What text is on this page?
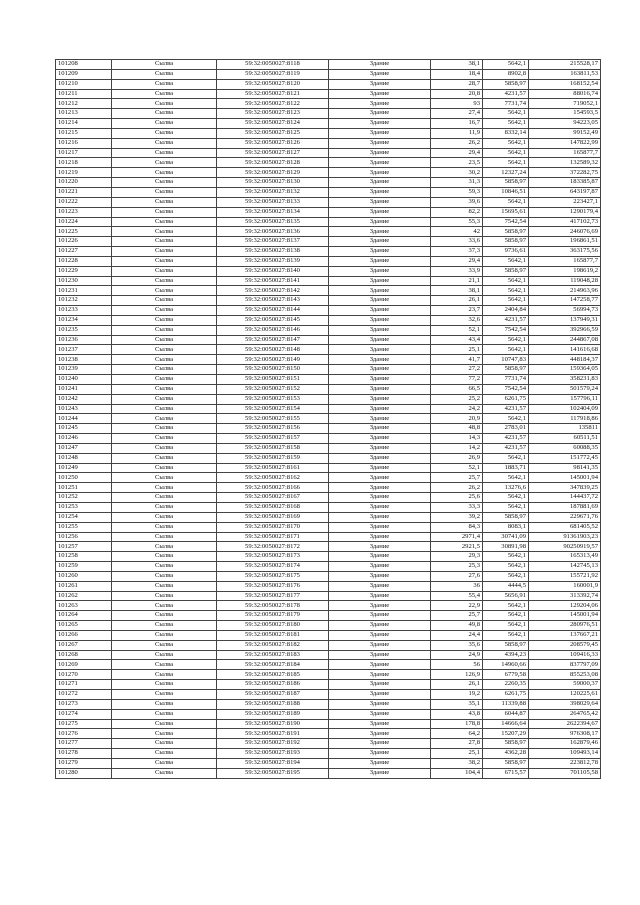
101208	Сылва	59:32:0050027:8118	Здание	38,1	5642,1	215528,17
101209	Сылва	59:32:0050027:8119	Здание	18,4	8902,8	163811,53
101210	Сылва	59:32:0050027:8120	Здание	28,7	5858,97	168152,54
101211	Сылва	59:32:0050027:8121	Здание	20,8	4231,57	88016,74
101212	Сылва	59:32:0050027:8122	Здание	93	7731,74	719052,1
101213	Сылва	59:32:0050027:8123	Здание	27,4	5642,1	154593,5
101214	Сылва	59:32:0050027:8124	Здание	16,7	5642,1	94223,05
101215	Сылва	59:32:0050027:8125	Здание	11,9	8332,14	99152,49
101216	Сылва	59:32:0050027:8126	Здание	26,2	5642,1	147822,99
101217	Сылва	59:32:0050027:8127	Здание	29,4	5642,1	165877,7
101218	Сылва	59:32:0050027:8128	Здание	23,5	5642,1	132589,32
101219	Сылва	59:32:0050027:8129	Здание	30,2	12327,24	372282,75
101220	Сылва	59:32:0050027:8130	Здание	31,3	5858,97	183385,87
101221	Сылва	59:32:0050027:8132	Здание	59,3	10846,51	643197,87
101222	Сылва	59:32:0050027:8133	Здание	39,6	5642,1	223427,1
101223	Сылва	59:32:0050027:8134	Здание	82,2	15695,61	1290179,4
101224	Сылва	59:32:0050027:8135	Здание	55,3	7542,54	417102,73
101225	Сылва	59:32:0050027:8136	Здание	42	5858,97	246076,69
101226	Сылва	59:32:0050027:8137	Здание	33,6	5858,97	196861,51
101227	Сылва	59:32:0050027:8138	Здание	37,3	9736,61	363175,56
101228	Сылва	59:32:0050027:8139	Здание	29,4	5642,1	165877,7
101229	Сылва	59:32:0050027:8140	Здание	33,9	5858,97	198619,2
101230	Сылва	59:32:0050027:8141	Здание	21,1	5642,1	119048,28
101231	Сылва	59:32:0050027:8142	Здание	38,1	5642,1	214963,96
101232	Сылва	59:32:0050027:8143	Здание	26,1	5642,1	147258,77
101233	Сылва	59:32:0050027:8144	Здание	23,7	2404,84	56994,73
101234	Сылва	59:32:0050027:8145	Здание	32,6	4231,57	137949,31
101235	Сылва	59:32:0050027:8146	Здание	52,1	7542,54	392966,59
101236	Сылва	59:32:0050027:8147	Здание	43,4	5642,1	244867,08
101237	Сылва	59:32:0050027:8148	Здание	25,1	5642,1	141616,68
101238	Сылва	59:32:0050027:8149	Здание	41,7	10747,83	448184,37
101239	Сылва	59:32:0050027:8150	Здание	27,2	5858,97	159364,05
101240	Сылва	59:32:0050027:8151	Здание	77,2	7731,74	358231,83
101241	Сылва	59:32:0050027:8152	Здание	66,5	7542,54	501579,24
101242	Сылва	59:32:0050027:8153	Здание	25,2	6261,75	157796,11
101243	Сылва	59:32:0050027:8154	Здание	24,2	4231,57	102404,09
101244	Сылва	59:32:0050027:8155	Здание	20,9	5642,1	117918,86
101245	Сылва	59:32:0050027:8156	Здание	48,8	2783,01	135811
101246	Сылва	59:32:0050027:8157	Здание	14,3	4231,57	60511,51
101247	Сылва	59:32:0050027:8158	Здание	14,2	4231,57	60088,35
101248	Сылва	59:32:0050027:8159	Здание	26,9	5642,1	151772,45
101249	Сылва	59:32:0050027:8161	Здание	52,1	1883,71	98141,35
101250	Сылва	59:32:0050027:8162	Здание	25,7	5642,1	145001,94
101251	Сылва	59:32:0050027:8166	Здание	26,2	13276,6	347839,25
101252	Сылва	59:32:0050027:8167	Здание	25,6	5642,1	144437,72
101253	Сылва	59:32:0050027:8168	Здание	33,3	5642,1	187881,69
101254	Сылва	59:32:0050027:8169	Здание	39,2	5858,97	229671,76
101255	Сылва	59:32:0050027:8170	Здание	84,3	8083,1	681405,52
101256	Сылва	59:32:0050027:8171	Здание	2971,4	30741,09	91361903,23
101257	Сылва	59:32:0050027:8172	Здание	2921,5	30891,98	90250919,57
101258	Сылва	59:32:0050027:8173	Здание	29,3	5642,1	165313,49
101259	Сылва	59:32:0050027:8174	Здание	25,3	5642,1	142745,13
101260	Сылва	59:32:0050027:8175	Здание	27,6	5642,1	155721,92
101261	Сылва	59:32:0050027:8176	Здание	36	4444,5	160001,9
101262	Сылва	59:32:0050027:8177	Здание	55,4	5656,91	313392,74
101263	Сылва	59:32:0050027:8178	Здание	22,9	5642,1	129204,06
101264	Сылва	59:32:0050027:8179	Здание	25,7	5642,1	145001,94
101265	Сылва	59:32:0050027:8180	Здание	49,8	5642,1	280976,51
101266	Сылва	59:32:0050027:8181	Здание	24,4	5642,1	137667,21
101267	Сылва	59:32:0050027:8182	Здание	35,6	5858,97	208579,45
101268	Сылва	59:32:0050027:8183	Здание	24,9	4394,23	109416,33
101269	Сылва	59:32:0050027:8184	Здание	56	14960,66	837797,09
101270	Сылва	59:32:0050027:8185	Здание	126,9	6779,58	855253,08
101271	Сылва	59:32:0050027:8186	Здание	26,1	2260,35	59000,37
101272	Сылва	59:32:0050027:8187	Здание	19,2	6261,75	120225,61
101273	Сылва	59:32:0050027:8188	Здание	35,1	11339,88	398029,64
101274	Сылва	59:32:0050027:8189	Здание	43,8	6044,87	264765,42
101275	Сылва	59:32:0050027:8190	Здание	178,8	14666,64	2622394,67
101276	Сылва	59:32:0050027:8191	Здание	64,2	15207,29	976308,17
101277	Сылва	59:32:0050027:8192	Здание	27,8	5858,97	162879,46
101278	Сылва	59:32:0050027:8193	Здание	25,1	4362,28	109493,14
101279	Сылва	59:32:0050027:8194	Здание	38,2	5858,97	223812,78
101280	Сылва	59:32:0050027:8195	Здание	104,4	6715,57	701105,58
